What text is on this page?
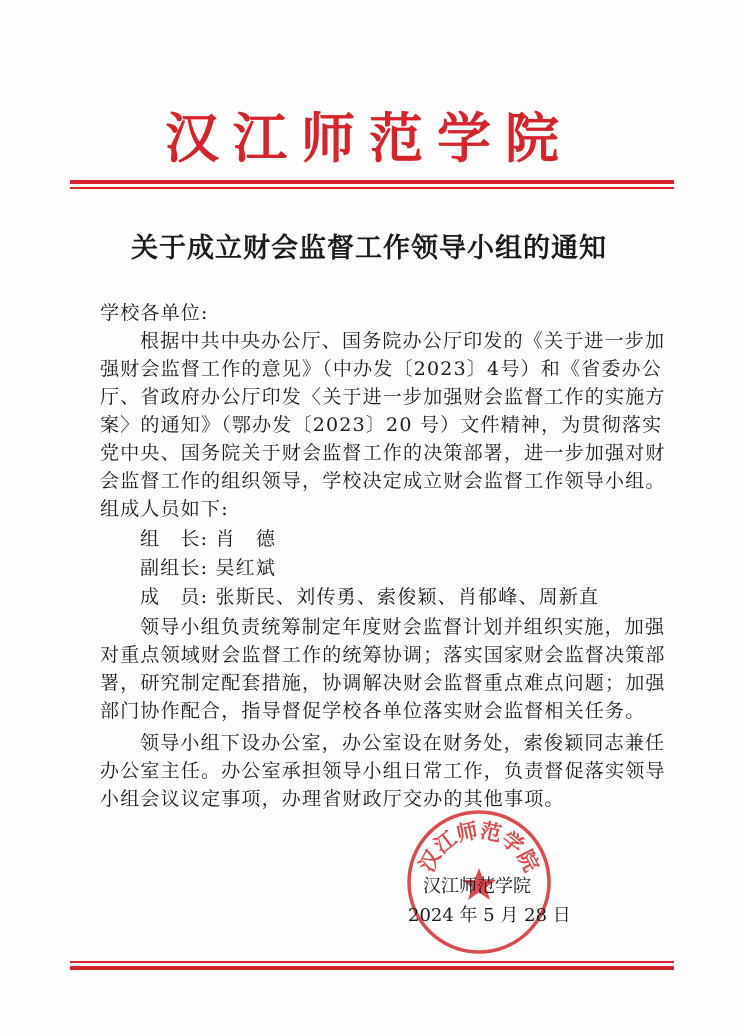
汉江师范学院
关于成立财会监督工作领导小组的通知
学校各单位:
根据中共中央办公厅、国务院办公厅印发的《关于进一步加
强财会监督工作的意见》（中办发〔2023〕4号）和《省委办公
厅、省政府办公厅印发〈关于进一步加强财会监督工作的实施方
案〉的通知》（鄂办发〔2023〕20 号）文件精神，为贯彻落实
党中央、国务院关于财会监督工作的决策部署，进一步加强对财
会监督工作的组织领导，学校决定成立财会监督工作领导小组。
组成人员如下:
组　长: 肖　德
副组长: 吴红斌
成　员: 张斯民、刘传勇、索俊颖、肖郁峰、周新直
领导小组负责统筹制定年度财会监督计划并组织实施，加强
对重点领域财会监督工作的统筹协调；落实国家财会监督决策部
署，研究制定配套措施，协调解决财会监督重点难点问题；加强
部门协作配合，指导督促学校各单位落实财会监督相关任务。
领导小组下设办公室，办公室设在财务处，索俊颖同志兼任
办公室主任。办公室承担领导小组日常工作，负责督促落实领导
小组会议议定事项，办理省财政厅交办的其他事项。
汉江师范学院
汉江师范学院
2024 年 5 月 28 日
